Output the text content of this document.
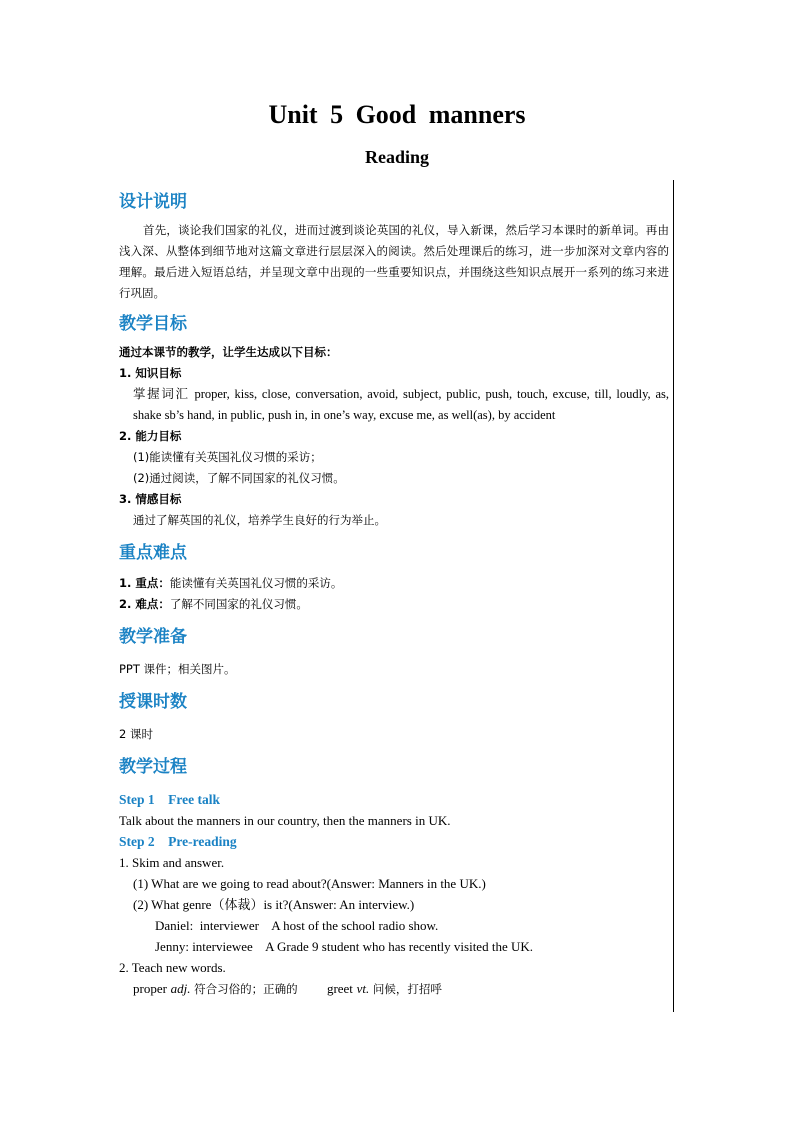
Unit 5 Good manners
Reading
设计说明
首先，谈论我们国家的礼仪，进而过渡到谈论英国的礼仪，导入新课，然后学习本课时的新单词。再由浅入深、从整体到细节地对这篇文章进行层层深入的阅读。然后处理课后的练习，进一步加深对文章内容的理解。最后进入短语总结，并呈现文章中出现的一些重要知识点，并围绕这些知识点展开一系列的练习来进行巩固。
教学目标
通过本课节的教学，让学生达成以下目标：
1. 知识目标
掌握词汇 proper, kiss, close, conversation, avoid, subject, public, push, touch, excuse, till, loudly, as, shake sb’s hand, in public, push in, in one’s way, excuse me, as well(as), by accident
2. 能力目标
(1)能读懂有关英国礼仪习惯的采访；
(2)通过阅读，了解不同国家的礼仪习惯。
3. 情感目标
通过了解英国的礼仪，培养学生良好的行为举止。
重点难点
1. 重点：能读懂有关英国礼仪习惯的采访。
2. 难点：了解不同国家的礼仪习惯。
教学准备
PPT 课件；相关图片。
授课时数
2 课时
教学过程
Step 1    Free talk
Talk about the manners in our country, then the manners in UK.
Step 2    Pre-reading
1. Skim and answer.
(1) What are we going to read about?(Answer: Manners in the UK.)
(2) What genre（体裁）is it?(Answer: An interview.)
Daniel:  interviewer    A host of the school radio show.
Jenny: interviewee    A Grade 9 student who has recently visited the UK.
2. Teach new words.
proper adj. 符合习俗的；正确的 greet vt. 问候，打招呼
